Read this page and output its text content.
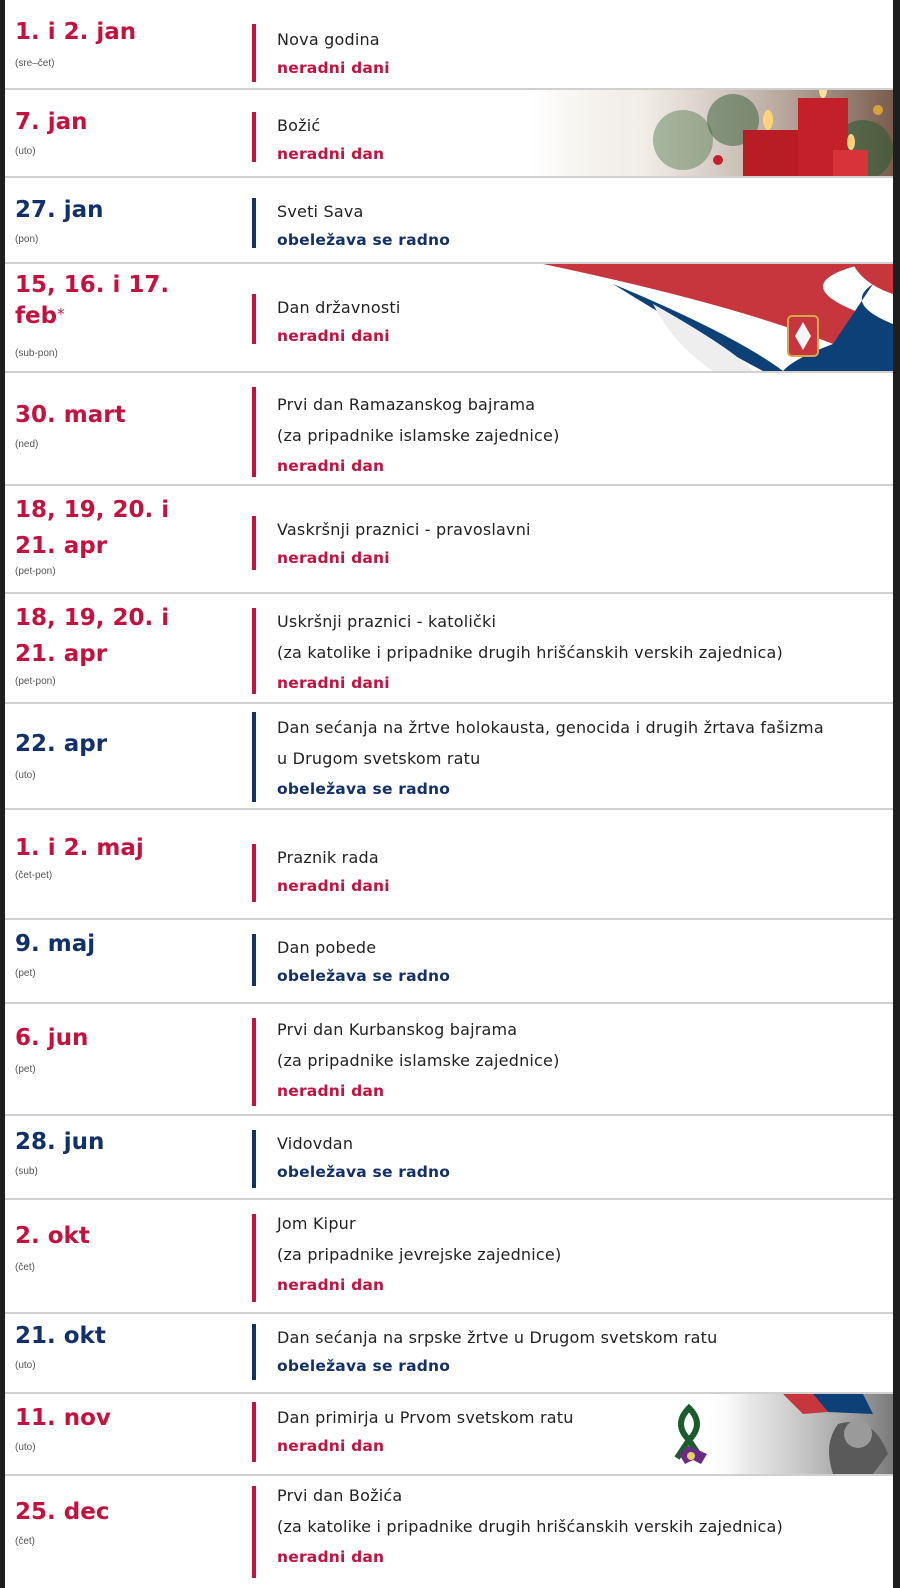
1. i 2. jan
(sre–čet)
Nova godina
neradni dani
7. jan
(uto)
Božić
neradni dan
27. jan
(pon)
Sveti Sava
obeležava se radno
15, 16. i 17.
feb*
(sub-pon)
Dan državnosti
neradni dani
30. mart
(ned)
Prvi dan Ramazanskog bajrama
(za pripadnike islamske zajednice)
neradni dan
18, 19, 20. i
21. apr
(pet-pon)
Vaskršnji praznici - pravoslavni
neradni dani
18, 19, 20. i
21. apr
(pet-pon)
Uskršnji praznici - katolički
(za katolike i pripadnike drugih hrišćanskih verskih zajednica)
neradni dani
22. apr
(uto)
Dan sećanja na žrtve holokausta, genocida i drugih žrtava fašizma
u Drugom svetskom ratu
obeležava se radno
1. i 2. maj
(čet-pet)
Praznik rada
neradni dani
9. maj
(pet)
Dan pobede
obeležava se radno
6. jun
(pet)
Prvi dan Kurbanskog bajrama
(za pripadnike islamske zajednice)
neradni dan
28. jun
(sub)
Vidovdan
obeležava se radno
2. okt
(čet)
Jom Kipur
(za pripadnike jevrejske zajednice)
neradni dan
21. okt
(uto)
Dan sećanja na srpske žrtve u Drugom svetskom ratu
obeležava se radno
11. nov
(uto)
Dan primirja u Prvom svetskom ratu
neradni dan
25. dec
(čet)
Prvi dan Božića
(za katolike i pripadnike drugih hrišćanskih verskih zajednica)
neradni dan
